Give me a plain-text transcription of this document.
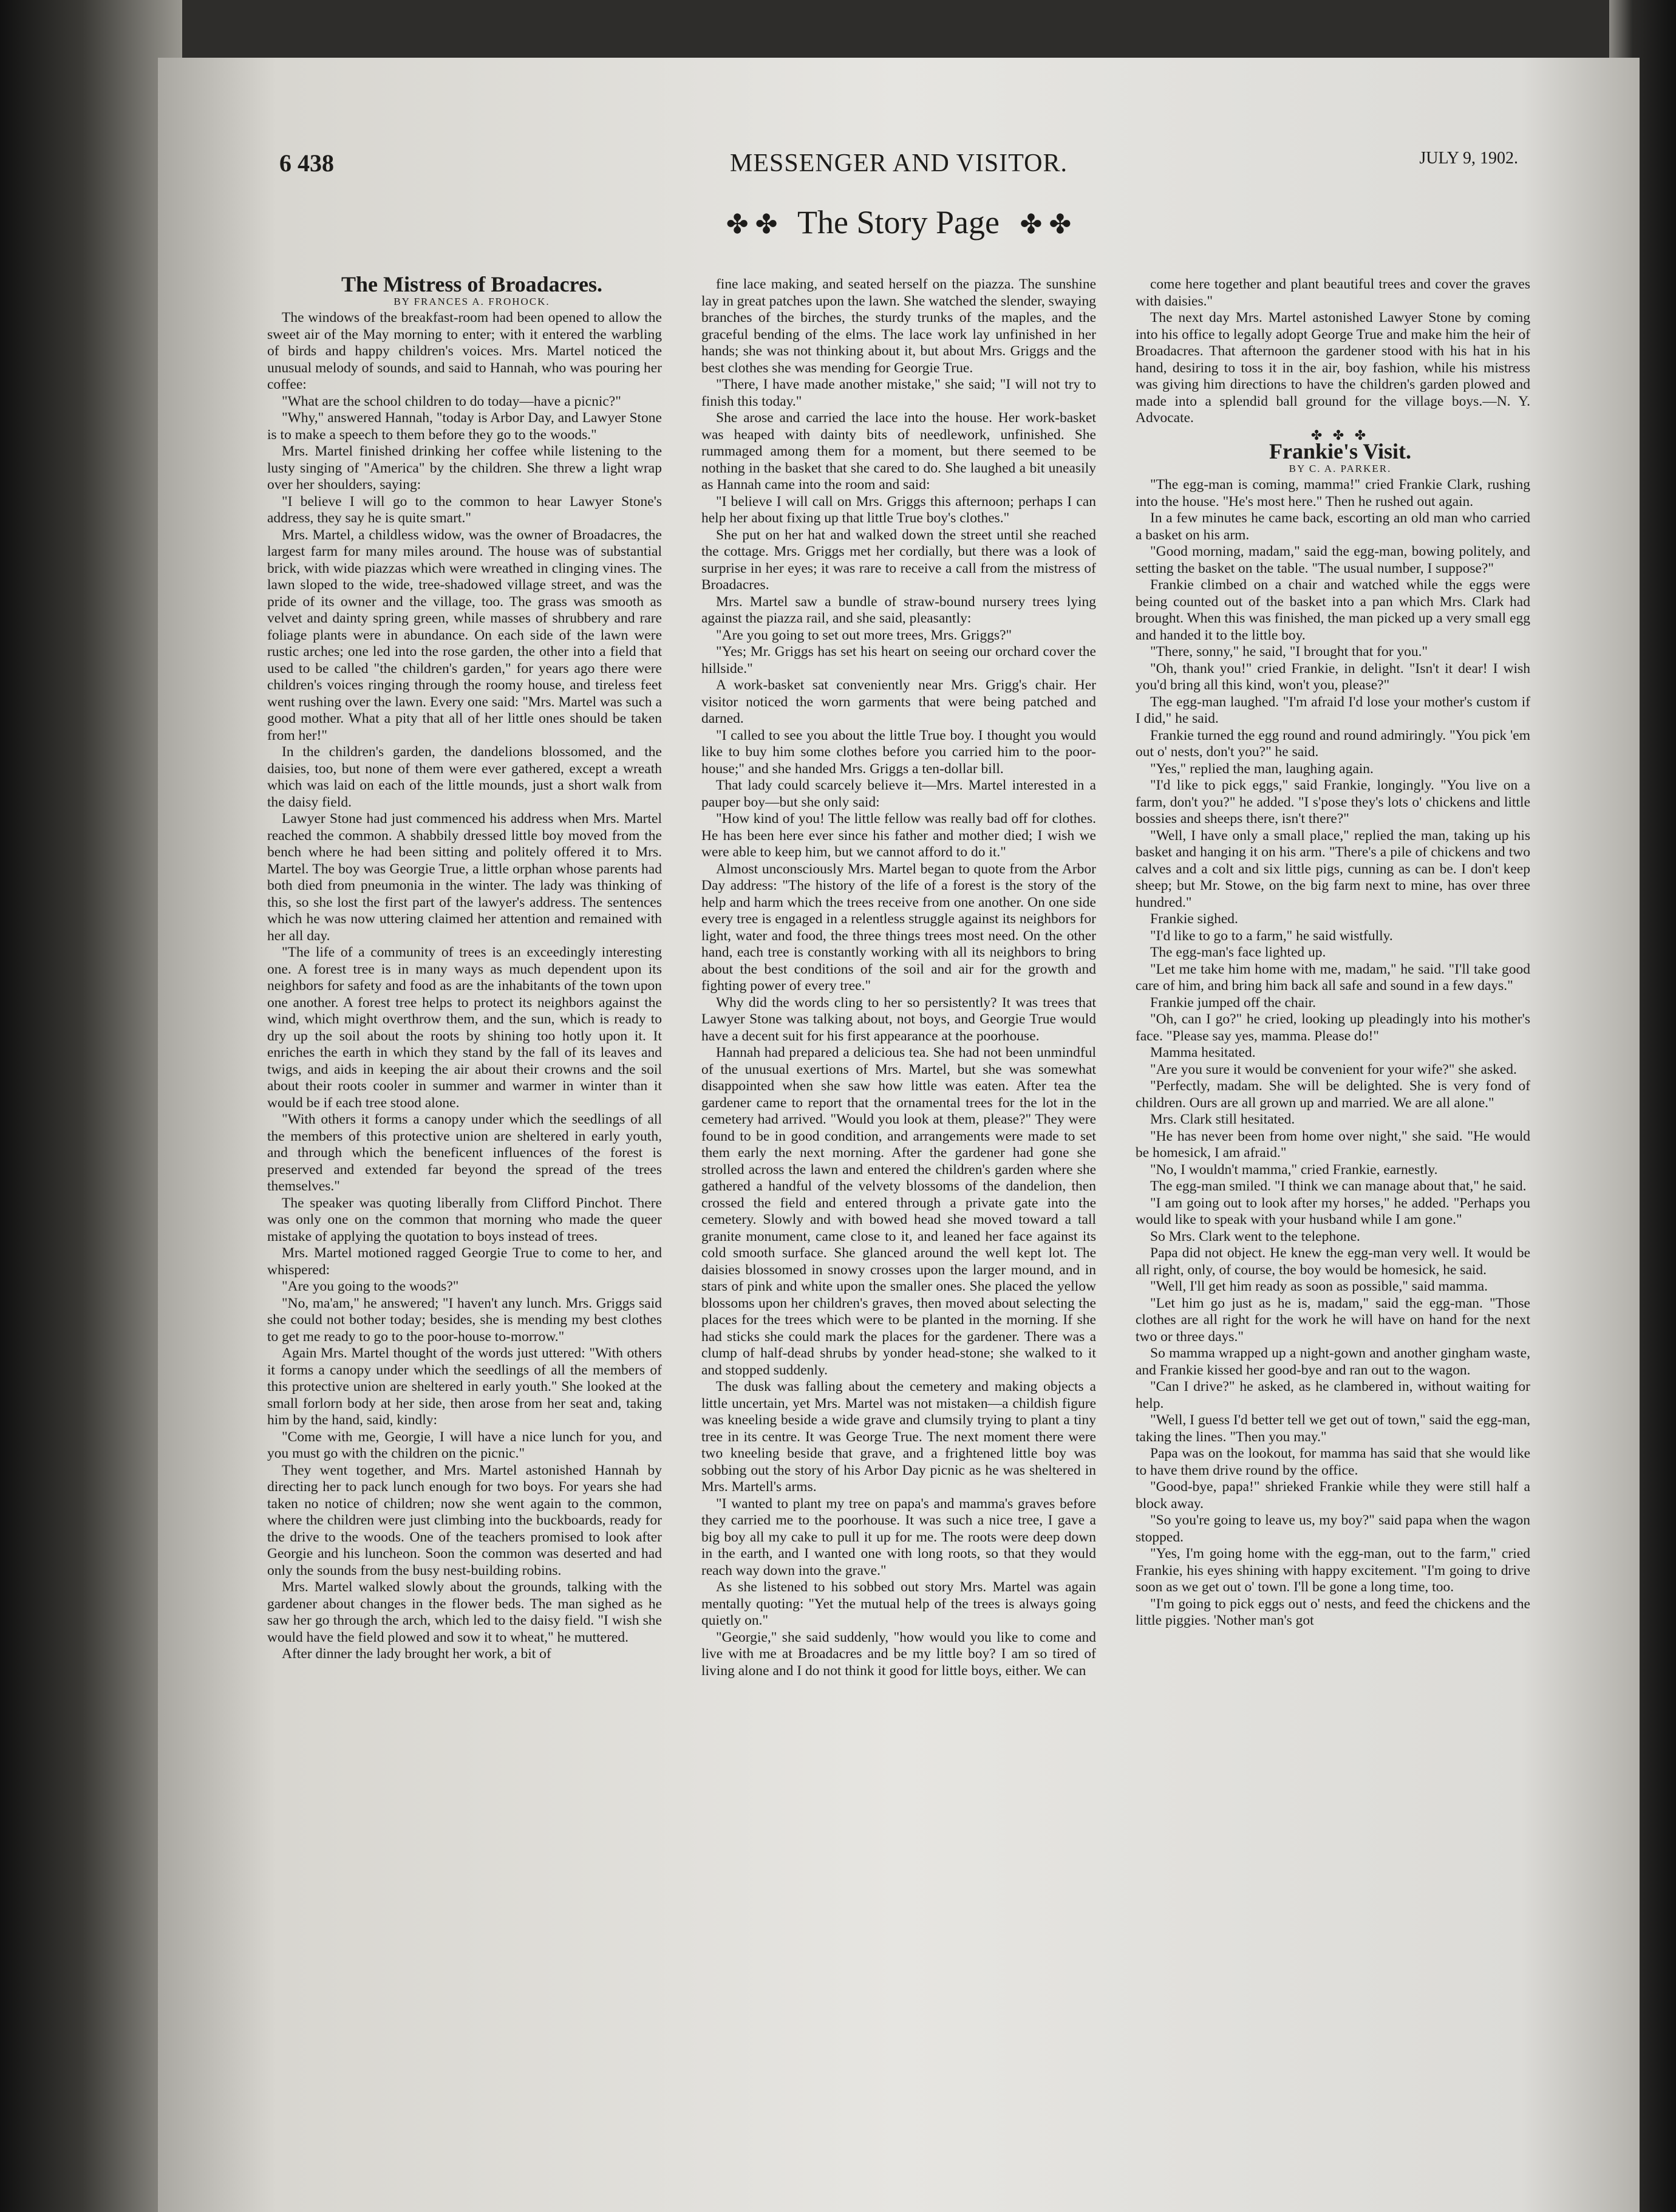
6 438	MESSENGER AND VISITOR.	JULY 9, 1902.
✤ ✤ The Story Page ✤ ✤

The Mistress of Broadacres.

BY FRANCES A. FROHOCK.

The windows of the breakfast-room had been opened to allow the sweet air of the May morning to enter; with it entered the warbling of birds and happy children's voices. Mrs. Martel noticed the unusual melody of sounds, and said to Hannah, who was pouring her coffee:

"What are the school children to do today—have a picnic?"

"Why," answered Hannah, "today is Arbor Day, and Lawyer Stone is to make a speech to them before they go to the woods."

Mrs. Martel finished drinking her coffee while listening to the lusty singing of "America" by the children. She threw a light wrap over her shoulders, saying:

"I believe I will go to the common to hear Lawyer Stone's address, they say he is quite smart."

Mrs. Martel, a childless widow, was the owner of Broadacres, the largest farm for many miles around. The house was of substantial brick, with wide piazzas which were wreathed in clinging vines. The lawn sloped to the wide, tree-shadowed village street, and was the pride of its owner and the village, too. The grass was smooth as velvet and dainty spring green, while masses of shrubbery and rare foliage plants were in abundance. On each side of the lawn were rustic arches; one led into the rose garden, the other into a field that used to be called "the children's garden," for years ago there were children's voices ringing through the roomy house, and tireless feet went rushing over the lawn. Every one said: "Mrs. Martel was such a good mother. What a pity that all of her little ones should be taken from her!"

In the children's garden, the dandelions blossomed, and the daisies, too, but none of them were ever gathered, except a wreath which was laid on each of the little mounds, just a short walk from the daisy field.

Lawyer Stone had just commenced his address when Mrs. Martel reached the common. A shabbily dressed little boy moved from the bench where he had been sitting and politely offered it to Mrs. Martel. The boy was Georgie True, a little orphan whose parents had both died from pneumonia in the winter. The lady was thinking of this, so she lost the first part of the lawyer's address. The sentences which he was now uttering claimed her attention and remained with her all day.

"The life of a community of trees is an exceedingly interesting one. A forest tree is in many ways as much dependent upon its neighbors for safety and food as are the inhabitants of the town upon one another. A forest tree helps to protect its neighbors against the wind, which might overthrow them, and the sun, which is ready to dry up the soil about the roots by shining too hotly upon it. It enriches the earth in which they stand by the fall of its leaves and twigs, and aids in keeping the air about their crowns and the soil about their roots cooler in summer and warmer in winter than it would be if each tree stood alone.

"With others it forms a canopy under which the seedlings of all the members of this protective union are sheltered in early youth, and through which the beneficent influences of the forest is preserved and extended far beyond the spread of the trees themselves."

The speaker was quoting liberally from Clifford Pinchot. There was only one on the common that morning who made the queer mistake of applying the quotation to boys instead of trees.

Mrs. Martel motioned ragged Georgie True to come to her, and whispered:

"Are you going to the woods?"

"No, ma'am," he answered; "I haven't any lunch. Mrs. Griggs said she could not bother today; besides, she is mending my best clothes to get me ready to go to the poor-house to-morrow."

Again Mrs. Martel thought of the words just uttered: "With others it forms a canopy under which the seedlings of all the members of this protective union are sheltered in early youth." She looked at the small forlorn body at her side, then arose from her seat and, taking him by the hand, said, kindly:

"Come with me, Georgie, I will have a nice lunch for you, and you must go with the children on the picnic."

They went together, and Mrs. Martel astonished Hannah by directing her to pack lunch enough for two boys. For years she had taken no notice of children; now she went again to the common, where the children were just climbing into the buckboards, ready for the drive to the woods. One of the teachers promised to look after Georgie and his luncheon. Soon the common was deserted and had only the sounds from the busy nest-building robins.

Mrs. Martel walked slowly about the grounds, talking with the gardener about changes in the flower beds. The man sighed as he saw her go through the arch, which led to the daisy field. "I wish she would have the field plowed and sow it to wheat," he muttered.

After dinner the lady brought her work, a bit of

fine lace making, and seated herself on the piazza. The sunshine lay in great patches upon the lawn. She watched the slender, swaying branches of the birches, the sturdy trunks of the maples, and the graceful bending of the elms. The lace work lay unfinished in her hands; she was not thinking about it, but about Mrs. Griggs and the best clothes she was mending for Georgie True.

"There, I have made another mistake," she said; "I will not try to finish this today."

She arose and carried the lace into the house. Her work-basket was heaped with dainty bits of needlework, unfinished. She rummaged among them for a moment, but there seemed to be nothing in the basket that she cared to do. She laughed a bit uneasily as Hannah came into the room and said:

"I believe I will call on Mrs. Griggs this afternoon; perhaps I can help her about fixing up that little True boy's clothes."

She put on her hat and walked down the street until she reached the cottage. Mrs. Griggs met her cordially, but there was a look of surprise in her eyes; it was rare to receive a call from the mistress of Broadacres.

Mrs. Martel saw a bundle of straw-bound nursery trees lying against the piazza rail, and she said, pleasantly:

"Are you going to set out more trees, Mrs. Griggs?"

"Yes; Mr. Griggs has set his heart on seeing our orchard cover the hillside."

A work-basket sat conveniently near Mrs. Grigg's chair. Her visitor noticed the worn garments that were being patched and darned.

"I called to see you about the little True boy. I thought you would like to buy him some clothes before you carried him to the poor-house;" and she handed Mrs. Griggs a ten-dollar bill.

That lady could scarcely believe it—Mrs. Martel interested in a pauper boy—but she only said:

"How kind of you! The little fellow was really bad off for clothes. He has been here ever since his father and mother died; I wish we were able to keep him, but we cannot afford to do it."

Almost unconsciously Mrs. Martel began to quote from the Arbor Day address: "The history of the life of a forest is the story of the help and harm which the trees receive from one another. On one side every tree is engaged in a relentless struggle against its neighbors for light, water and food, the three things trees most need. On the other hand, each tree is constantly working with all its neighbors to bring about the best conditions of the soil and air for the growth and fighting power of every tree."

Why did the words cling to her so persistently? It was trees that Lawyer Stone was talking about, not boys, and Georgie True would have a decent suit for his first appearance at the poorhouse.

Hannah had prepared a delicious tea. She had not been unmindful of the unusual exertions of Mrs. Martel, but she was somewhat disappointed when she saw how little was eaten. After tea the gardener came to report that the ornamental trees for the lot in the cemetery had arrived. "Would you look at them, please?" They were found to be in good condition, and arrangements were made to set them early the next morning. After the gardener had gone she strolled across the lawn and entered the children's garden where she gathered a handful of the velvety blossoms of the dandelion, then crossed the field and entered through a private gate into the cemetery. Slowly and with bowed head she moved toward a tall granite monument, came close to it, and leaned her face against its cold smooth surface. She glanced around the well kept lot. The daisies blossomed in snowy crosses upon the larger mound, and in stars of pink and white upon the smaller ones. She placed the yellow blossoms upon her children's graves, then moved about selecting the places for the trees which were to be planted in the morning. If she had sticks she could mark the places for the gardener. There was a clump of half-dead shrubs by yonder head-stone; she walked to it and stopped suddenly.

The dusk was falling about the cemetery and making objects a little uncertain, yet Mrs. Martel was not mistaken—a childish figure was kneeling beside a wide grave and clumsily trying to plant a tiny tree in its centre. It was George True. The next moment there were two kneeling beside that grave, and a frightened little boy was sobbing out the story of his Arbor Day picnic as he was sheltered in Mrs. Martell's arms.

"I wanted to plant my tree on papa's and mamma's graves before they carried me to the poorhouse. It was such a nice tree, I gave a big boy all my cake to pull it up for me. The roots were deep down in the earth, and I wanted one with long roots, so that they would reach way down into the grave."

As she listened to his sobbed out story Mrs. Martel was again mentally quoting: "Yet the mutual help of the trees is always going quietly on."

"Georgie," she said suddenly, "how would you like to come and live with me at Broadacres and be my little boy? I am so tired of living alone and I do not think it good for little boys, either. We can

come here together and plant beautiful trees and cover the graves with daisies."

The next day Mrs. Martel astonished Lawyer Stone by coming into his office to legally adopt George True and make him the heir of Broadacres. That afternoon the gardener stood with his hat in his hand, desiring to toss it in the air, boy fashion, while his mistress was giving him directions to have the children's garden plowed and made into a splendid ball ground for the village boys.—N. Y. Advocate.

✤ ✤ ✤

Frankie's Visit.

BY C. A. PARKER.

"The egg-man is coming, mamma!" cried Frankie Clark, rushing into the house. "He's most here." Then he rushed out again.

In a few minutes he came back, escorting an old man who carried a basket on his arm.

"Good morning, madam," said the egg-man, bowing politely, and setting the basket on the table. "The usual number, I suppose?"

Frankie climbed on a chair and watched while the eggs were being counted out of the basket into a pan which Mrs. Clark had brought. When this was finished, the man picked up a very small egg and handed it to the little boy.

"There, sonny," he said, "I brought that for you."

"Oh, thank you!" cried Frankie, in delight. "Isn't it dear! I wish you'd bring all this kind, won't you, please?"

The egg-man laughed. "I'm afraid I'd lose your mother's custom if I did," he said.

Frankie turned the egg round and round admiringly. "You pick 'em out o' nests, don't you?" he said.

"Yes," replied the man, laughing again.

"I'd like to pick eggs," said Frankie, longingly. "You live on a farm, don't you?" he added. "I s'pose they's lots o' chickens and little bossies and sheeps there, isn't there?"

"Well, I have only a small place," replied the man, taking up his basket and hanging it on his arm. "There's a pile of chickens and two calves and a colt and six little pigs, cunning as can be. I don't keep sheep; but Mr. Stowe, on the big farm next to mine, has over three hundred."

Frankie sighed.

"I'd like to go to a farm," he said wistfully.

The egg-man's face lighted up.

"Let me take him home with me, madam," he said. "I'll take good care of him, and bring him back all safe and sound in a few days."

Frankie jumped off the chair.

"Oh, can I go?" he cried, looking up pleadingly into his mother's face. "Please say yes, mamma. Please do!"

Mamma hesitated.

"Are you sure it would be convenient for your wife?" she asked.

"Perfectly, madam. She will be delighted. She is very fond of children. Ours are all grown up and married. We are all alone."

Mrs. Clark still hesitated.

"He has never been from home over night," she said. "He would be homesick, I am afraid."

"No, I wouldn't mamma," cried Frankie, earnestly.

The egg-man smiled. "I think we can manage about that," he said.

"I am going out to look after my horses," he added. "Perhaps you would like to speak with your husband while I am gone."

So Mrs. Clark went to the telephone.

Papa did not object. He knew the egg-man very well. It would be all right, only, of course, the boy would be homesick, he said.

"Well, I'll get him ready as soon as possible," said mamma.

"Let him go just as he is, madam," said the egg-man. "Those clothes are all right for the work he will have on hand for the next two or three days."

So mamma wrapped up a night-gown and another gingham waste, and Frankie kissed her good-bye and ran out to the wagon.

"Can I drive?" he asked, as he clambered in, without waiting for help.

"Well, I guess I'd better tell we get out of town," said the egg-man, taking the lines. "Then you may."

Papa was on the lookout, for mamma has said that she would like to have them drive round by the office.

"Good-bye, papa!" shrieked Frankie while they were still half a block away.

"So you're going to leave us, my boy?" said papa when the wagon stopped.

"Yes, I'm going home with the egg-man, out to the farm," cried Frankie, his eyes shining with happy excitement. "I'm going to drive soon as we get out o' town. I'll be gone a long time, too.

"I'm going to pick eggs out o' nests, and feed the chickens and the little piggies. 'Nother man's got
